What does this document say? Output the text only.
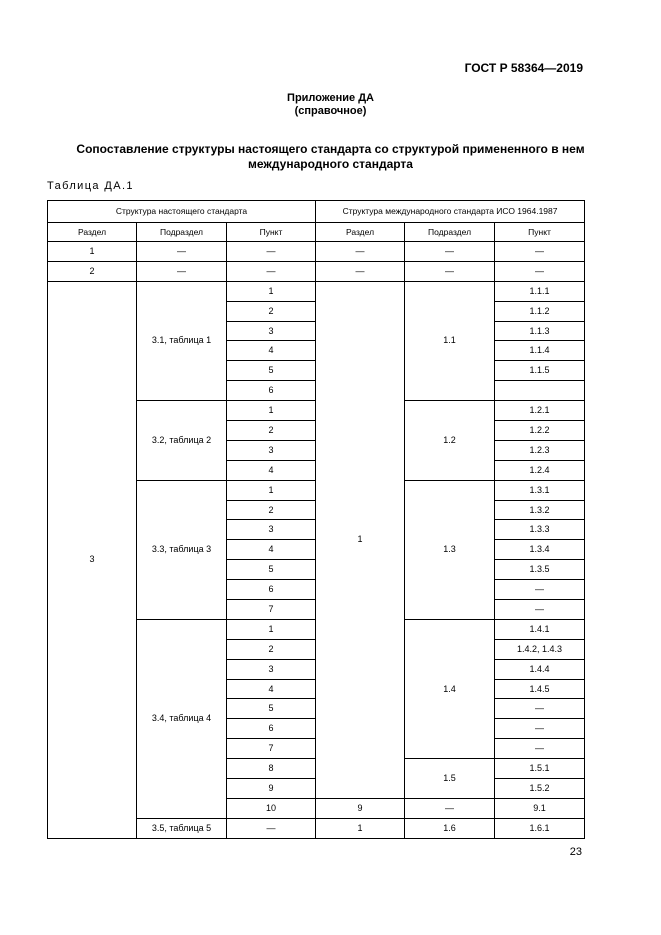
ГОСТ Р 58364—2019
Приложение ДА
(справочное)
Сопоставление структуры настоящего стандарта со структурой примененного в нем
международного стандарта
Таблица ДА.1
Структура настоящего стандарта			Структура международного стандарта ИСО 1964.1987		
Раздел	Подраздел	Пункт	Раздел	Подраздел	Пункт
1	—	—	—	—	—
2	—	—	—	—	—
3	3.1, таблица 1	1	1	1.1	1.1.1
		2			1.1.2
		3			1.1.3
		4			1.1.4
		5			1.1.5
		6			
	3.2, таблица 2	1		1.2	1.2.1
		2			1.2.2
		3			1.2.3
		4			1.2.4
	3.3, таблица 3	1		1.3	1.3.1
		2			1.3.2
		3			1.3.3
		4			1.3.4
		5			1.3.5
		6			—
		7			—
	3.4, таблица 4	1		1.4	1.4.1
		2			1.4.2, 1.4.3
		3			1.4.4
		4			1.4.5
		5			—
		6			—
		7			—
		8		1.5	1.5.1
		9			1.5.2
		10	9	—	9.1
	3.5, таблица 5	—	1	1.6	1.6.1
23
